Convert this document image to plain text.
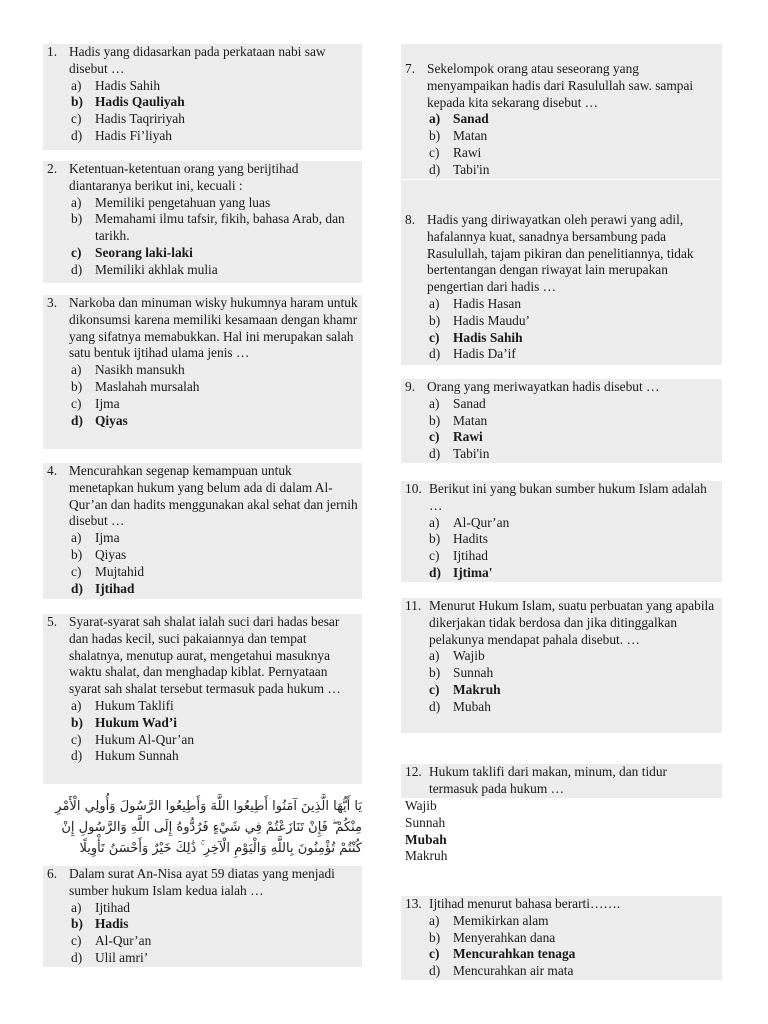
1. Hadis yang didasarkan pada perkataan nabi saw disebut …
a)	Hadis Sahih
b) Hadis Qauliyah
c)	Hadis Taqririyah
d) Hadis Fi’liyah
2. Ketentuan-ketentuan orang yang berijtihad diantaranya berikut ini, kecuali :
a)	Memiliki pengetahuan yang luas
b) Memahami ilmu tafsir, fikih, bahasa Arab, dan tarikh.
c)	Seorang laki-laki
d) Memiliki akhlak mulia
3. Narkoba dan minuman wisky hukumnya haram untuk dikonsumsi karena memiliki kesamaan dengan khamr yang sifatnya memabukkan. Hal ini merupakan salah satu bentuk ijtihad ulama jenis …
a)	Nasikh mansukh
b) Maslahah mursalah
c)	Ijma
d) Qiyas
4. Mencurahkan segenap kemampuan untuk menetapkan hukum yang belum ada di dalam Al-Qur’an dan hadits menggunakan akal sehat dan jernih disebut …
a)	Ijma
b) Qiyas
c)	Mujtahid
d) Ijtihad
5. Syarat-syarat sah shalat ialah suci dari hadas besar dan hadas kecil, suci pakaiannya dan tempat shalatnya, menutup aurat, mengetahui masuknya waktu shalat, dan menghadap kiblat. Pernyataan syarat sah shalat tersebut termasuk pada hukum …
a)	Hukum Taklifi
b) Hukum Wad’i
c)	Hukum Al-Qur’an
d) Hukum Sunnah
6. Dalam surat An-Nisa ayat 59 diatas yang menjadi sumber hukum Islam kedua ialah …
a)	Ijtihad
b) Hadis
c)	Al-Qur’an
d) Ulil amri’
يَا أَيُّهَا الَّذِينَ آمَنُوا أَطِيعُوا اللَّهَ وَأَطِيعُوا الرَّسُولَ وَأُولِي الْأَمْرِ مِنْكُمْ ۖ فَإِنْ تَنَازَعْتُمْ فِي شَيْءٍ فَرُدُّوهُ إِلَى اللَّهِ وَالرَّسُولِ إِنْ كُنْتُمْ تُؤْمِنُونَ بِاللَّهِ وَالْيَوْمِ الْآخِرِ ۚ ذَٰلِكَ خَيْرٌ وَأَحْسَنُ تَأْوِيلًا
7. Sekelompok orang atau seseorang yang menyampaikan hadis dari Rasulullah saw. sampai kepada kita sekarang disebut …
a) Sanad
b) Matan
c)	Rawi
d) Tabi'in
8. Hadis yang diriwayatkan oleh perawi yang adil, hafalannya kuat, sanadnya bersambung pada Rasulullah, tajam pikiran dan penelitiannya, tidak bertentangan dengan riwayat lain merupakan pengertian dari hadis …
a)	Hadis Hasan
b) Hadis Maudu’
c)	Hadis Sahih
d) Hadis Da’if
9. Orang yang meriwayatkan hadis disebut …
a)	Sanad
b) Matan
c)	Rawi
d) Tabi'in
10. Berikut ini yang bukan sumber hukum Islam adalah …
a)	Al-Qur’an
b) Hadits
c)	Ijtihad
d) Ijtima'
11. Menurut Hukum Islam, suatu perbuatan yang apabila dikerjakan tidak berdosa dan jika ditinggalkan pelakunya mendapat pahala disebut. …
a)	Wajib
b) Sunnah
c)	Makruh
d) Mubah
12. Hukum taklifi dari makan, minum, dan tidur termasuk pada hukum …
Wajib
Sunnah
Mubah
Makruh
13. Ijtihad menurut bahasa berarti…….
a)	Memikirkan alam
b) Menyerahkan dana
c)	Mencurahkan tenaga
d) Mencurahkan air mata
